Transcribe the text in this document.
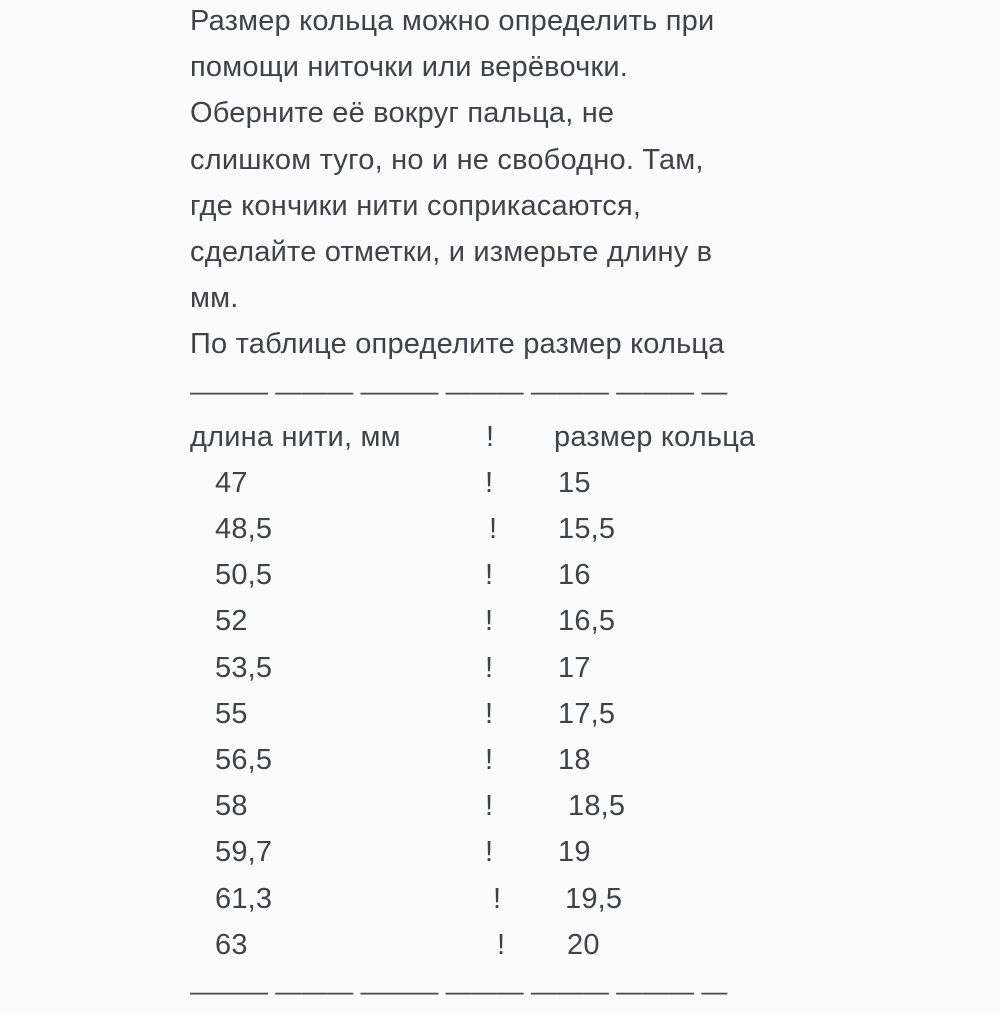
Размер кольца можно определить при
помощи ниточки или верёвочки.
Оберните её вокруг пальца, не
слишком туго, но и не свободно. Там,
где кончики нити соприкасаются,
сделайте отметки, и измерьте длину в
мм.
По таблице определите размер кольца
——— ——— ——— ——— ——— ——— —
длина нити, мм	! размер кольца
47	! 15
48,5	! 15,5
50,5	! 16
52	! 16,5
53,5	! 17
55	! 17,5
56,5	! 18
58	!	18,5
59,7	! 19
61,3	! 19,5
63	! 20
——— ——— ——— ——— ——— ——— —
